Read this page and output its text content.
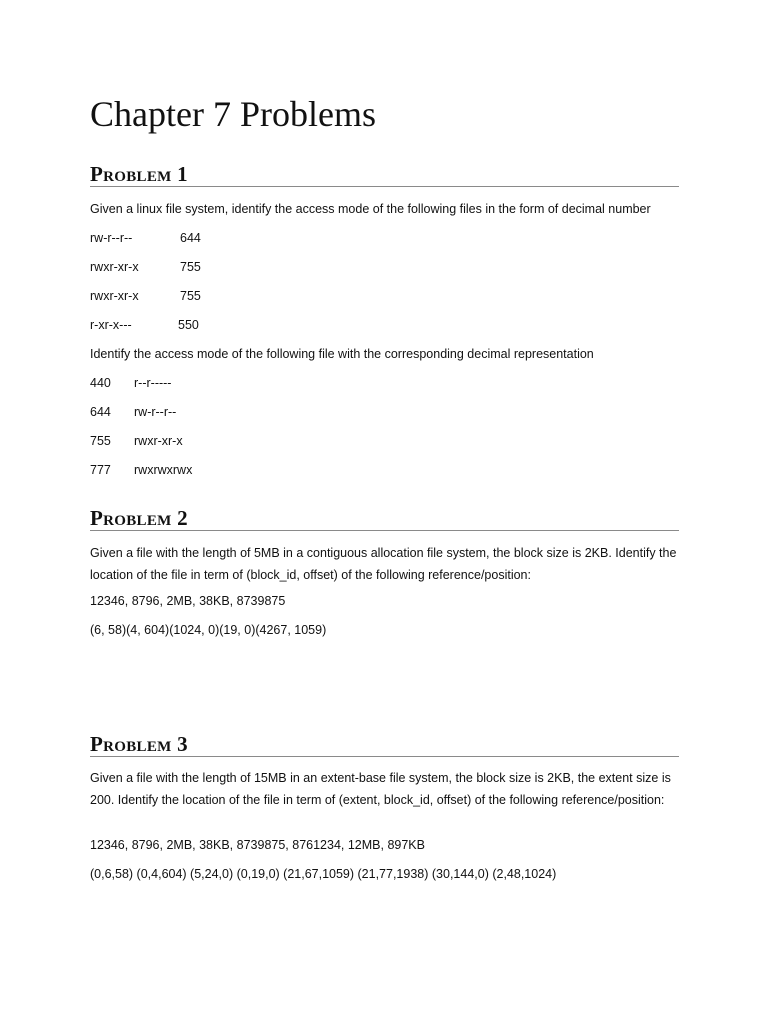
Chapter 7 Problems
Problem 1
Given a linux file system, identify the access mode of the following files in the form of decimal number
rw-r--r--	644
rwxr-xr-x	755
rwxr-xr-x	755
r-xr-x---	550
Identify the access mode of the following file with the corresponding decimal representation
440 r--r-----
644 rw-r--r--
755 rwxr-xr-x
777 rwxrwxrwx
Problem 2
Given a file with the length of 5MB in a contiguous allocation file system, the block size is 2KB. Identify the location of the file in term of (block_id, offset) of the following reference/position:
12346, 8796, 2MB, 38KB, 8739875
(6, 58)(4, 604)(1024, 0)(19, 0)(4267, 1059)
Problem 3
Given a file with the length of 15MB in an extent-base file system, the block size is 2KB, the extent size is 200. Identify the location of the file in term of (extent, block_id, offset) of the following reference/position:
12346, 8796, 2MB, 38KB, 8739875, 8761234, 12MB, 897KB
(0,6,58) (0,4,604) (5,24,0) (0,19,0) (21,67,1059) (21,77,1938) (30,144,0) (2,48,1024)
